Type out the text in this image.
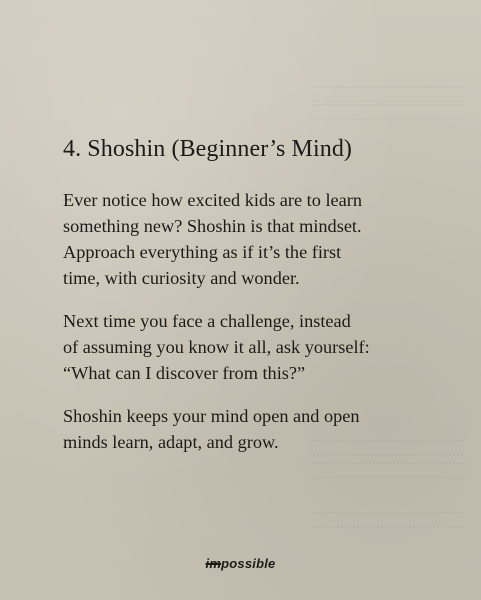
4. Shoshin (Beginner’s Mind)

Ever notice how excited kids are to learn
something new? Shoshin is that mindset.
Approach everything as if it’s the first
time, with curiosity and wonder.

Next time you face a challenge, instead
of assuming you know it all, ask yourself:
“What can I discover from this?”

Shoshin keeps your mind open and open
minds learn, adapt, and grow.

impossible
